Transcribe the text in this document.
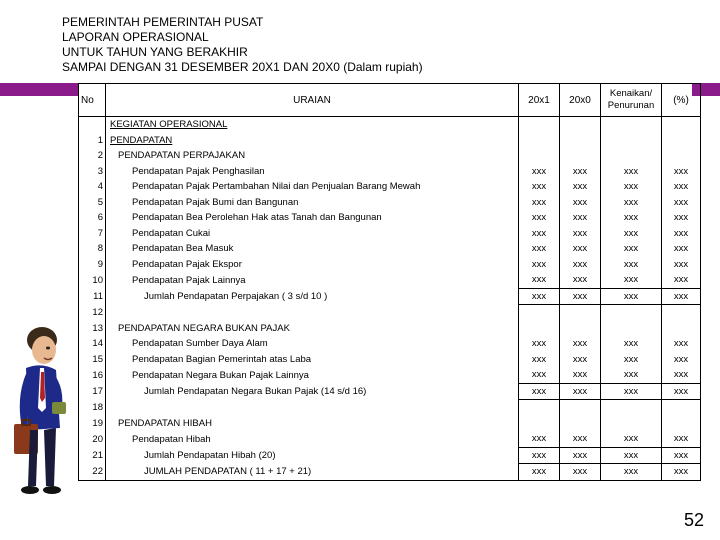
PEMERINTAH PEMERINTAH PUSAT
LAPORAN OPERASIONAL
UNTUK TAHUN YANG BERAKHIR
SAMPAI DENGAN 31 DESEMBER 20X1 DAN 20X0 (Dalam rupiah)
No	URAIAN	20x1	20x0	Kenaikan/ Penurunan	(%)
	KEGIATAN OPERASIONAL				
1	PENDAPATAN				
2	PENDAPATAN PERPAJAKAN				
3	Pendapatan Pajak Penghasilan	xxx	xxx	xxx	xxx
4	Pendapatan Pajak Pertambahan Nilai dan Penjualan Barang Mewah	xxx	xxx	xxx	xxx
5	Pendapatan Pajak Bumi dan Bangunan	xxx	xxx	xxx	xxx
6	Pendapatan Bea Perolehan Hak atas Tanah dan Bangunan	xxx	xxx	xxx	xxx
7	Pendapatan Cukai	xxx	xxx	xxx	xxx
8	Pendapatan Bea Masuk	xxx	xxx	xxx	xxx
9	Pendapatan Pajak Ekspor	xxx	xxx	xxx	xxx
10	Pendapatan Pajak Lainnya	xxx	xxx	xxx	xxx
11	Jumlah Pendapatan Perpajakan ( 3 s/d 10 )	xxx	xxx	xxx	xxx
12					
13	PENDAPATAN NEGARA BUKAN PAJAK				
14	Pendapatan Sumber Daya Alam	xxx	xxx	xxx	xxx
15	Pendapatan Bagian Pemerintah atas Laba	xxx	xxx	xxx	xxx
16	Pendapatan Negara Bukan Pajak Lainnya	xxx	xxx	xxx	xxx
17	Jumlah Pendapatan Negara Bukan Pajak (14 s/d 16)	xxx	xxx	xxx	xxx
18					
19	PENDAPATAN HIBAH				
20	Pendapatan Hibah	xxx	xxx	xxx	xxx
21	Jumlah Pendapatan Hibah (20)	xxx	xxx	xxx	xxx
22	JUMLAH PENDAPATAN ( 11 + 17 + 21)	xxx	xxx	xxx	xxx
52
